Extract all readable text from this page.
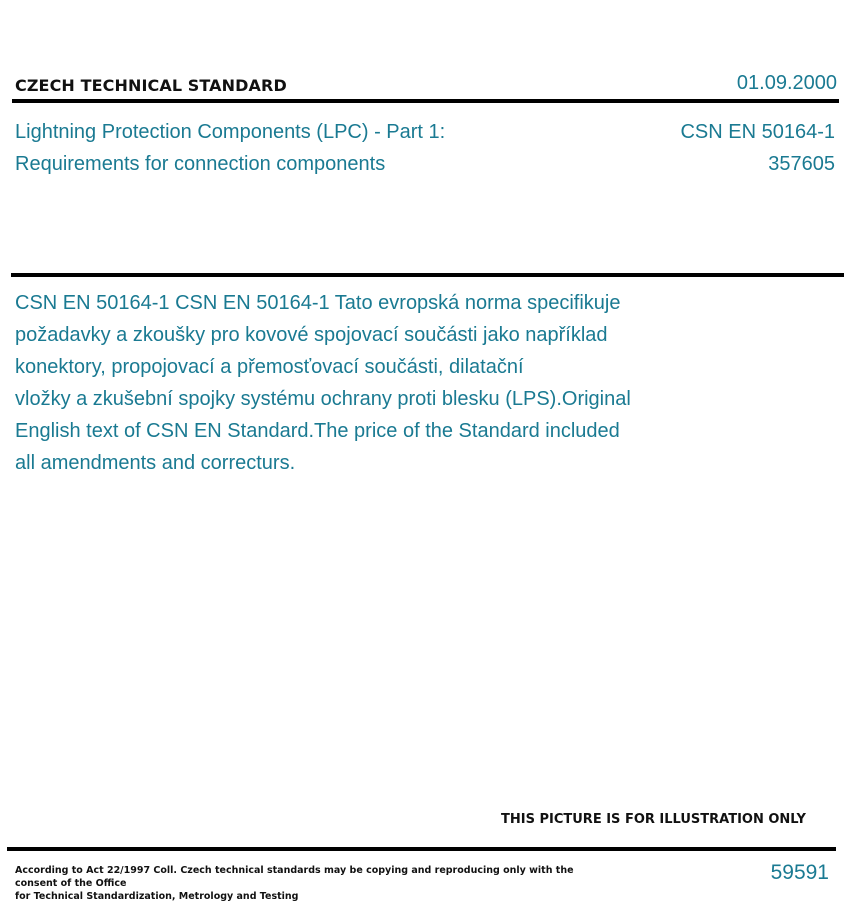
CZECH TECHNICAL STANDARD	01.09.2000
Lightning Protection Components (LPC) - Part 1: Requirements for connection components
CSN EN 50164-1
357605
CSN EN 50164-1 CSN EN 50164-1 Tato evropská norma specifikuje
požadavky a zkoušky pro kovové spojovací součásti jako například
konektory, propojovací a přemosťovací součásti, dilatační
vložky a zkušební spojky systému ochrany proti blesku (LPS).Original
English text of CSN EN Standard.The price of the Standard included
all amendments and correcturs.
THIS PICTURE IS FOR ILLUSTRATION ONLY
According to Act 22/1997 Coll. Czech technical standards may be copying and reproducing only with the consent of the Office
for Technical Standardization, Metrology and Testing
59591
